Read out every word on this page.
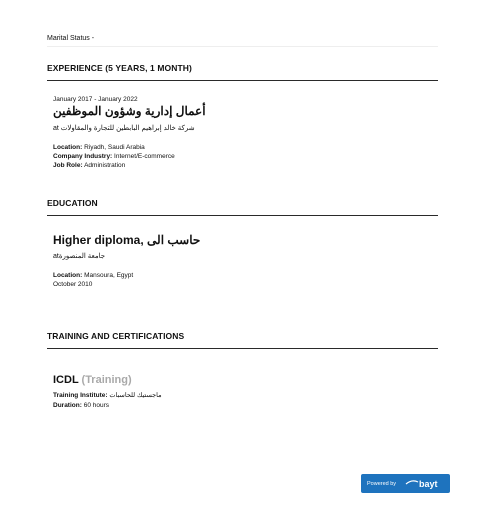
Marital Status -
EXPERIENCE (5 YEARS, 1 MONTH)
January 2017 - January 2022
أعمال إدارية وشؤون الموظفين
at شركة خالد إبراهيم البابطين للتجارة والمقاولات
Location: Riyadh, Saudi Arabia
Company Industry: Internet/E-commerce
Job Role: Administration
EDUCATION
Higher diploma, حاسب الى
atجامعة المنصورة
Location: Mansoura, Egypt
October 2010
TRAINING AND CERTIFICATIONS
ICDL (Training)
Training Institute: ماجستيك للحاسبات
Duration: 60 hours
Powered by	bayt
